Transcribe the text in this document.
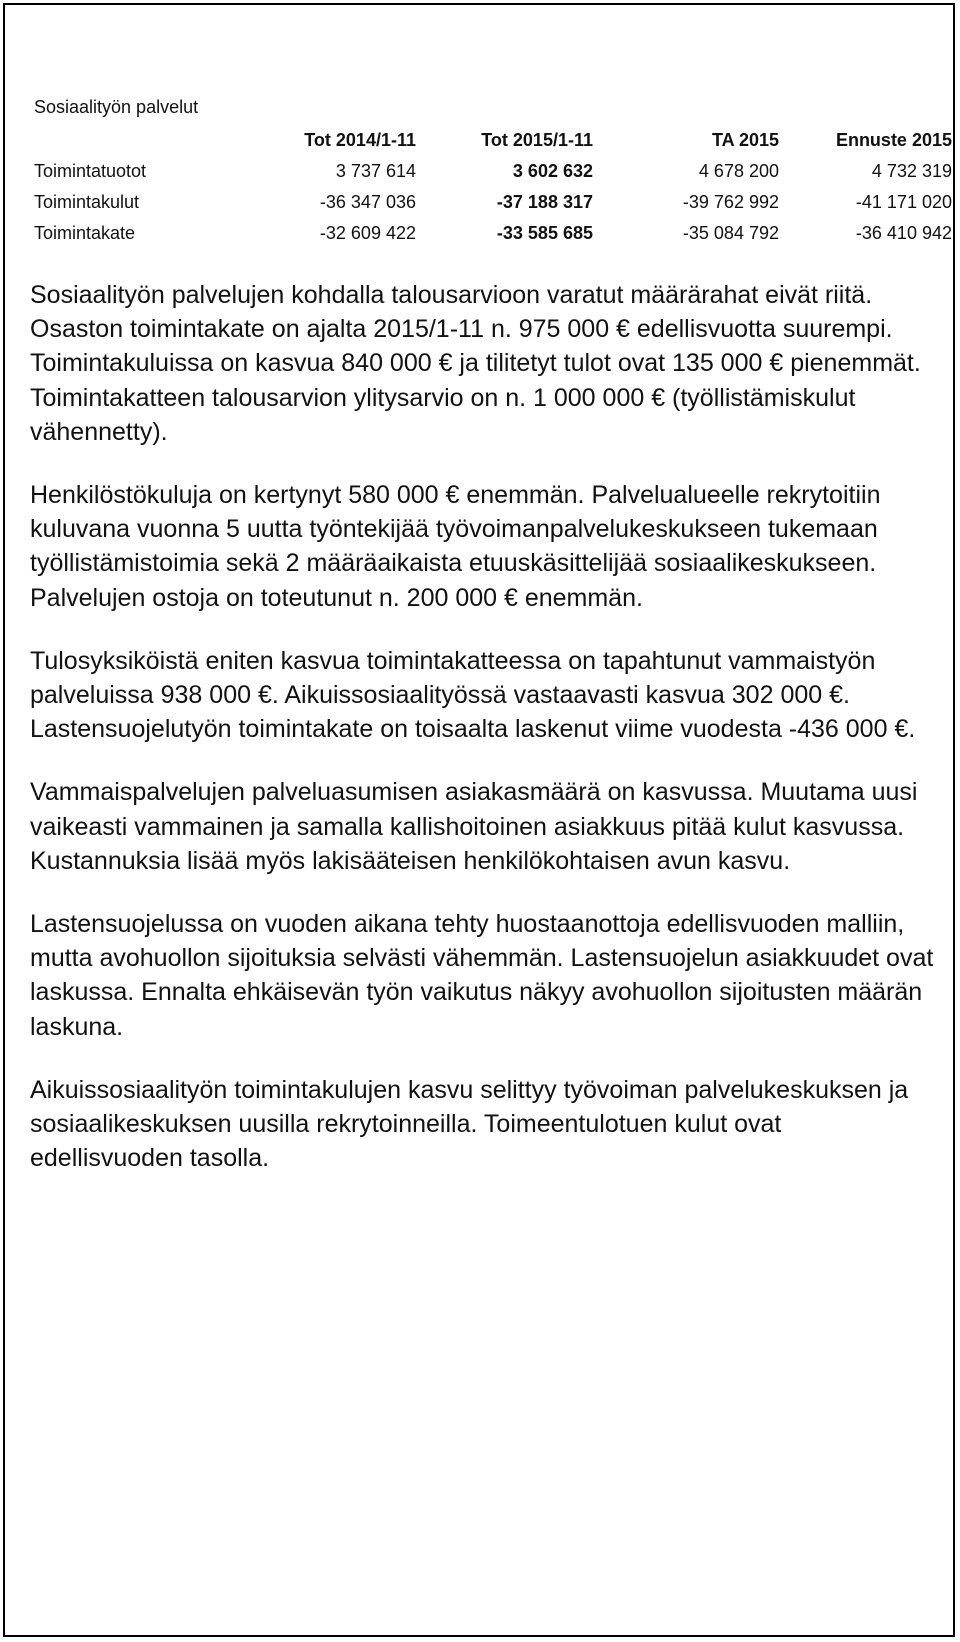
Sosiaalityön palvelut
	Tot 2014/1-11	Tot 2015/1-11	TA 2015	Ennuste 2015
Toimintatuotot	3 737 614	3 602 632	4 678 200	4 732 319
Toimintakulut	-36 347 036	-37 188 317	-39 762 992	-41 171 020
Toimintakate	-32 609 422	-33 585 685	-35 084 792	-36 410 942

Sosiaalityön palvelujen kohdalla talousarvioon varatut määrärahat eivät riitä. Osaston toimintakate on ajalta 2015/1-11 n. 975 000 € edellisvuotta suurempi. Toimintakuluissa on kasvua 840 000 € ja tilitetyt tulot ovat 135 000 € pienemmät. Toimintakatteen talousarvion ylitysarvio on n. 1 000 000 € (työllistämiskulut vähennetty).

Henkilöstökuluja on kertynyt 580 000 € enemmän. Palvelualueelle rekrytoitiin kuluvana vuonna 5 uutta työntekijää työvoimanpalvelukeskukseen tukemaan työllistämistoimia sekä 2 määräaikaista etuuskäsittelijää sosiaalikeskukseen. Palvelujen ostoja on toteutunut n. 200 000 € enemmän.

Tulosyksiköistä eniten kasvua toimintakatteessa on tapahtunut vammaistyön palveluissa 938 000 €. Aikuissosiaalityössä vastaavasti kasvua 302 000 €. Lastensuojelutyön toimintakate on toisaalta laskenut viime vuodesta -436 000 €.

Vammaispalvelujen palveluasumisen asiakasmäärä on kasvussa. Muutama uusi vaikeasti vammainen ja samalla kallishoitoinen asiakkuus pitää kulut kasvussa. Kustannuksia lisää myös lakisääteisen henkilökohtaisen avun kasvu.

Lastensuojelussa on vuoden aikana tehty huostaanottoja edellisvuoden malliin, mutta avohuollon sijoituksia selvästi vähemmän. Lastensuojelun asiakkuudet ovat laskussa. Ennalta ehkäisevän työn vaikutus näkyy avohuollon sijoitusten määrän laskuna.

Aikuissosiaalityön toimintakulujen kasvu selittyy työvoiman palvelukeskuksen ja sosiaalikeskuksen uusilla rekrytoinneilla. Toimeentulotuen kulut ovat edellisvuoden tasolla.
